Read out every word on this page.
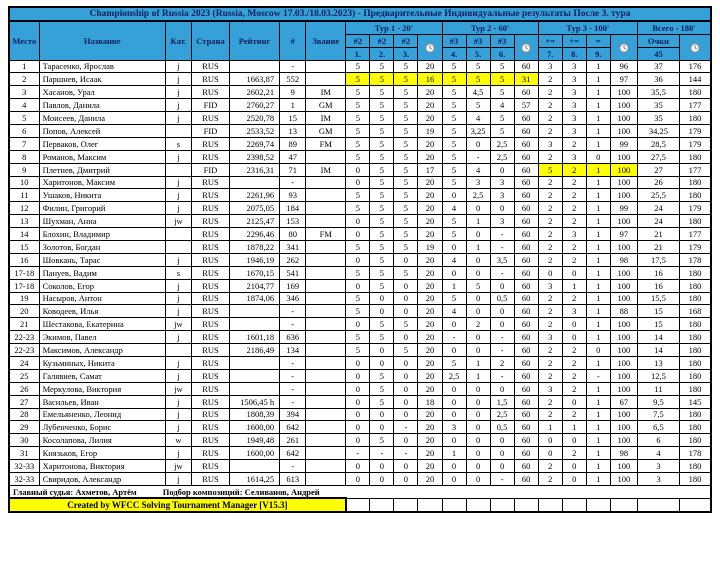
Championship of Russia 2023 (Russia, Moscow 17.03./18.03.2023) - Предварительные Индивидуальные результаты После 3. тура																				
Место	Название	Кат.	Страна	Рейтинг	#	Звание	Тур 1 - 20'				Тур 2 - 60'				Тур 3 - 100'				Всего - 180'	
							#2	#2	#2		#3	#3	#3		+=	+=	=		Очки	
							1.	2.	3.		4.	5.	6.		7.	8.	9.		45	
1	Тарасенко, Ярослав	j	RUS		-		5	5	5	20	5	5	5	60	3	3	1	96	37	176
2	Паршнев, Исаак	j	RUS	1663,87	552		5	5	5	16	5	5	5	31	2	3	1	97	36	144
3	Хасанов, Урал	j	RUS	2602,21	9	IM	5	5	5	20	5	4,5	5	60	2	3	1	100	35,5	180
4	Павлов, Данила	j	FID	2760,27	1	GM	5	5	5	20	5	5	4	57	2	3	1	100	35	177
5	Моисеев, Данила	j	RUS	2520,78	15	IM	5	5	5	20	5	4	5	60	2	3	1	100	35	180
6	Попов, Алексей		FID	2533,52	13	GM	5	5	5	19	5	3,25	5	60	2	3	1	100	34,25	179
7	Перваков, Олег	s	RUS	2269,74	89	FM	5	5	5	20	5	0	2,5	60	3	2	1	99	28,5	179
8	Романов, Максим	j	RUS	2398,52	47		5	5	5	20	5	-	2,5	60	2	3	0	100	27,5	180
9	Плетнев, Дмитрий		FID	2316,31	71	IM	0	5	5	17	5	4	0	60	5	2	1	100	27	177
10	Харитонов, Максим	j	RUS		-		0	5	5	20	5	3	3	60	2	2	1	100	26	180
11	Ушаков, Никита	j	RUS	2261,96	93		5	5	5	20	0	2,5	3	60	2	2	1	100	25,5	180
12	Филин, Григорий	j	RUS	2075,05	184		5	5	5	20	4	0	0	60	2	2	1	99	24	179
13	Шухман, Анна	jw	RUS	2125,47	153		0	5	5	20	5	1	3	60	2	2	1	100	24	180
14	Блохин, Владимир		RUS	2296,46	80	FM	0	5	5	20	5	0	-	60	2	3	1	97	21	177
15	Золотов, Богдан		RUS	1878,22	341		5	5	5	19	0	1	-	60	2	2	1	100	21	179
16	Шовкань, Тарас	j	RUS	1946,19	262		0	5	0	20	4	0	3,5	60	2	2	1	98	17,5	178
17-18	Пануев, Вадим	s	RUS	1670,15	541		5	5	5	20	0	0	-	60	0	0	1	100	16	180
17-18	Соколов, Егор	j	RUS	2104,77	169		0	5	0	20	1	5	0	60	3	1	1	100	16	180
19	Насыров, Антон	j	RUS	1874,06	346		5	0	0	20	5	0	0,5	60	2	2	1	100	15,5	180
20	Ководеев, Илья	j	RUS		-		5	0	0	20	4	0	0	60	2	3	1	88	15	168
21	Шестакова, Екатерина	jw	RUS		-		0	5	5	20	0	2	0	60	2	0	1	100	15	180
22-23	Экимов, Павел	j	RUS	1601,18	636		5	5	0	20	-	0	-	60	3	0	1	100	14	180
22-23	Максимов, Александр		RUS	2186,49	134		5	0	5	20	0	0	-	60	2	2	0	100	14	180
24	Кузьминых, Никита	j	RUS		-		0	0	0	20	5	1	2	60	2	2	1	100	13	180
25	Галявиев, Самат	j	RUS		-		0	5	0	20	2,5	1	-	60	2	2	-	100	12,5	180
26	Меркулова, Виктория	jw	RUS		-		0	5	0	20	0	0	0	60	3	2	1	100	11	180
27	Васильев, Иван	j	RUS	1506,45 h	-		0	5	0	18	0	0	1,5	60	2	0	1	67	9,5	145
28	Емельяненко, Леонид	j	RUS	1808,39	394		0	0	0	20	0	0	2,5	60	2	2	1	100	7,5	180
29	Лубенченко, Борис	j	RUS	1600,00	642		0	0	-	20	3	0	0,5	60	1	1	1	100	6,5	180
30	Косолапова, Лилия	w	RUS	1949,48	261		0	5	0	20	0	0	0	60	0	0	1	100	6	180
31	Князьков, Егор	j	RUS	1600,00	642		-	-	-	20	1	0	0	60	0	2	1	98	4	178
32-33	Харитонова, Виктория	jw	RUS		-		0	0	0	20	0	0	0	60	2	0	1	100	3	180
32-33	Свиридов, Александр	j	RUS	1614,25	613		0	0	0	20	0	0	-	60	2	0	1	100	3	180
Главный судья: Ахметов, Артём Подбор композиций: Селиванов, Андрей																				
Created by WFCC Solving Tournament Manager [V15.3]																				
